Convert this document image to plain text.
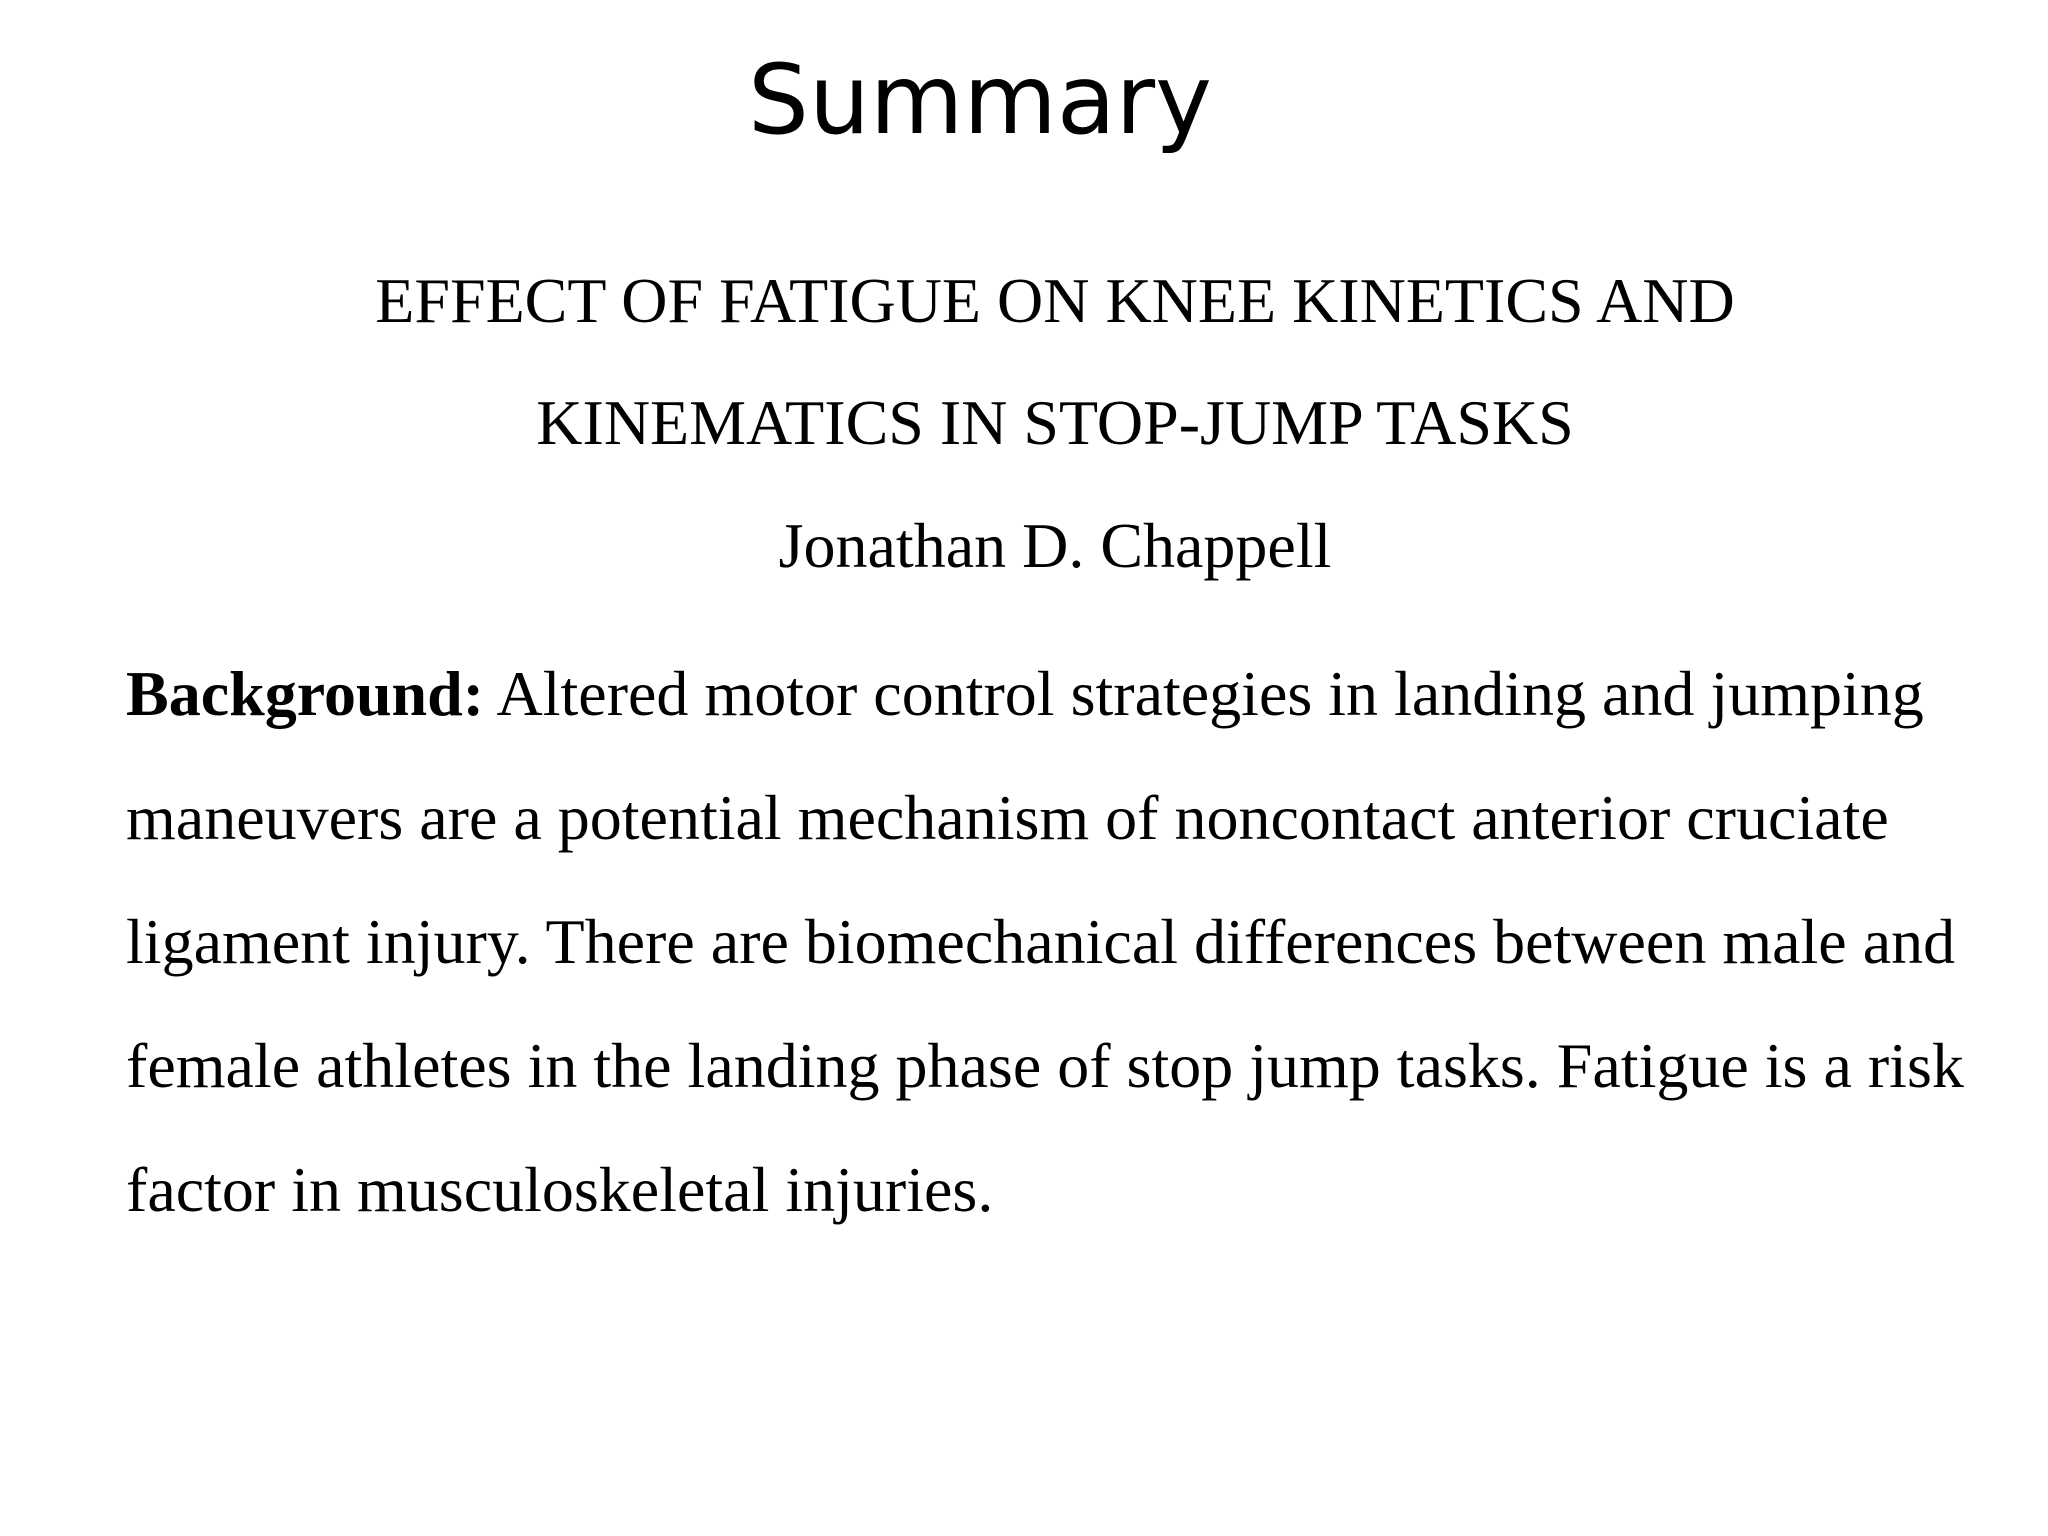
Summary
EFFECT OF FATIGUE ON KNEE KINETICS AND
KINEMATICS IN STOP-JUMP TASKS

Jonathan D. Chappell

Background: Altered motor control strategies in landing and jumping maneuvers are a potential mechanism of noncontact anterior cruciate ligament injury. There are biomechanical differences between male and female athletes in the landing phase of stop jump tasks. Fatigue is a risk factor in musculoskeletal injuries.
